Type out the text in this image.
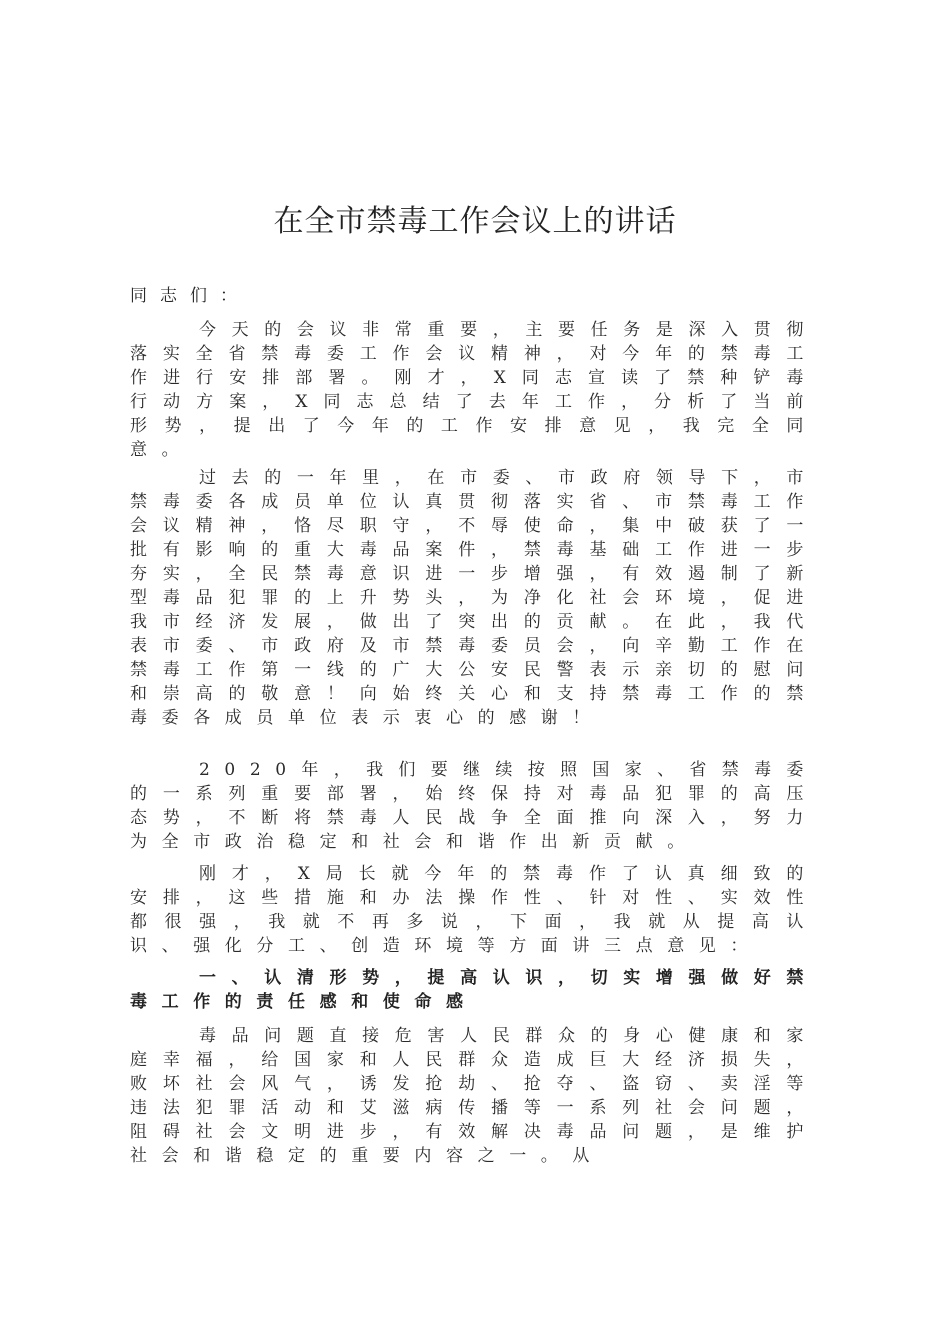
在全市禁毒工作会议上的讲话

同志们：

今天的会议非常重要，主要任务是深入贯彻落实全省禁毒委工作会议精神，对今年的禁毒工作进行安排部署。刚才，X同志宣读了禁种铲毒行动方案，X同志总结了去年工作，分析了当前形势，提出了今年的工作安排意见，我完全同意。

过去的一年里，在市委、市政府领导下，市禁毒委各成员单位认真贯彻落实省、市禁毒工作会议精神，恪尽职守，不辱使命，集中破获了一批有影响的重大毒品案件，禁毒基础工作进一步夯实，全民禁毒意识进一步增强，有效遏制了新型毒品犯罪的上升势头，为净化社会环境，促进我市经济发展，做出了突出的贡献。在此，我代表市委、市政府及市禁毒委员会，向辛勤工作在禁毒工作第一线的广大公安民警表示亲切的慰问和崇高的敬意！向始终关心和支持禁毒工作的禁毒委各成员单位表示衷心的感谢！

2020年，我们要继续按照国家、省禁毒委的一系列重要部署，始终保持对毒品犯罪的高压态势，不断将禁毒人民战争全面推向深入，努力为全市政治稳定和社会和谐作出新贡献。

刚才，X局长就今年的禁毒作了认真细致的安排，这些措施和办法操作性、针对性、实效性都很强，我就不再多说，下面，我就从提高认识、强化分工、创造环境等方面讲三点意见：

一、认清形势，提高认识，切实增强做好禁毒工作的责任感和使命感

毒品问题直接危害人民群众的身心健康和家庭幸福，给国家和人民群众造成巨大经济损失，败坏社会风气，诱发抢劫、抢夺、盗窃、卖淫等违法犯罪活动和艾滋病传播等一系列社会问题，阻碍社会文明进步，有效解决毒品问题，是维护社会和谐稳定的重要内容之一。从
